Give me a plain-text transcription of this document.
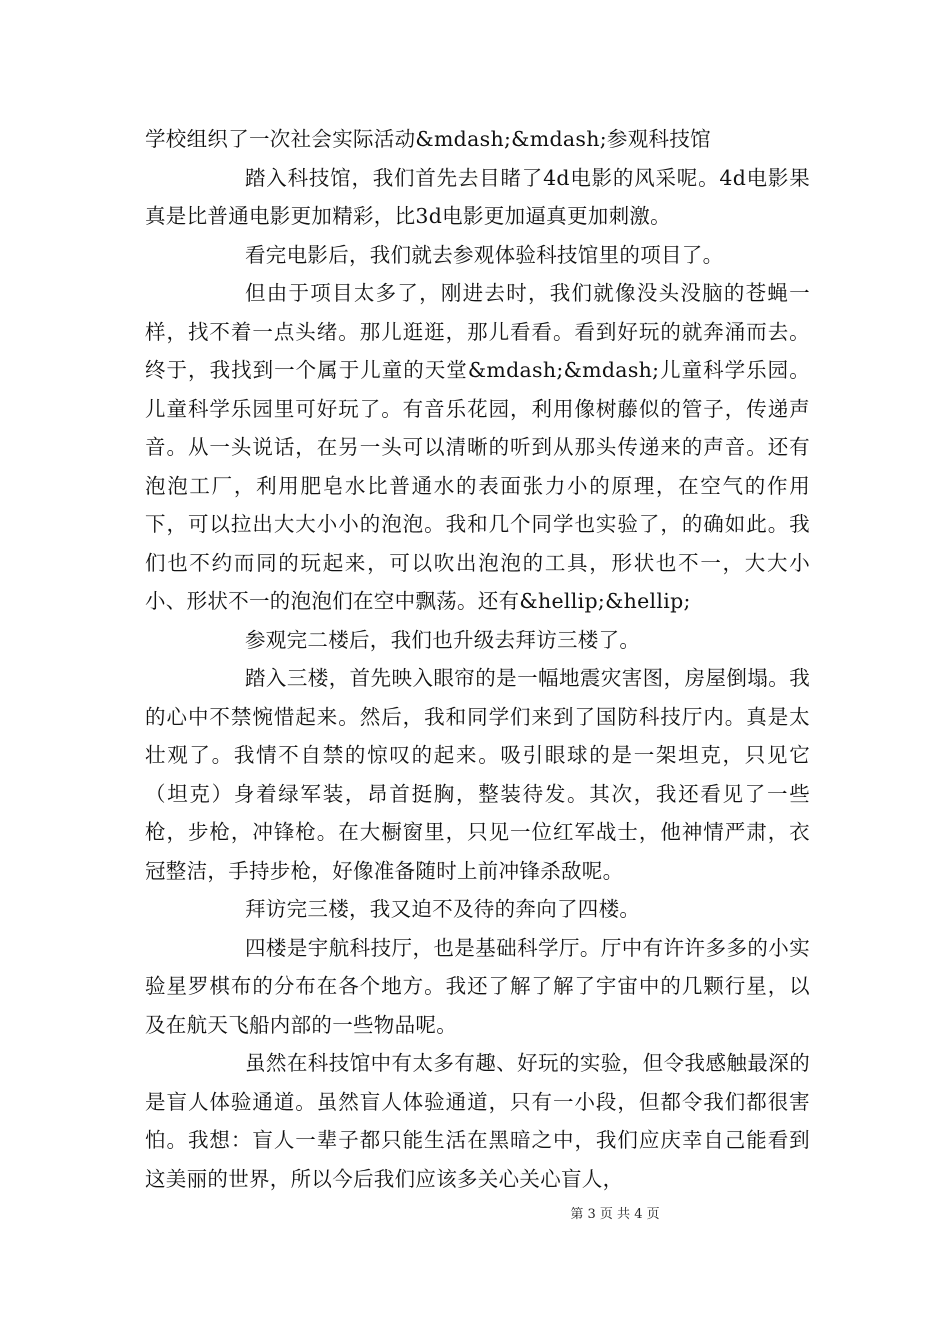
学校组织了一次社会实际活动&mdash;&mdash;参观科技馆

踏入科技馆，我们首先去目睹了4d电影的风采呢。4d电影果真是比普通电影更加精彩，比3d电影更加逼真更加刺激。

看完电影后，我们就去参观体验科技馆里的项目了。

但由于项目太多了，刚进去时，我们就像没头没脑的苍蝇一样，找不着一点头绪。那儿逛逛，那儿看看。看到好玩的就奔涌而去。终于，我找到一个属于儿童的天堂&mdash;&mdash;儿童科学乐园。儿童科学乐园里可好玩了。有音乐花园，利用像树藤似的管子，传递声音。从一头说话，在另一头可以清晰的听到从那头传递来的声音。还有泡泡工厂，利用肥皂水比普通水的表面张力小的原理，在空气的作用下，可以拉出大大小小的泡泡。我和几个同学也实验了，的确如此。我们也不约而同的玩起来，可以吹出泡泡的工具，形状也不一，大大小小、形状不一的泡泡们在空中飘荡。还有&hellip;&hellip;

参观完二楼后，我们也升级去拜访三楼了。

踏入三楼，首先映入眼帘的是一幅地震灾害图，房屋倒塌。我的心中不禁惋惜起来。然后，我和同学们来到了国防科技厅内。真是太壮观了。我情不自禁的惊叹的起来。吸引眼球的是一架坦克，只见它（坦克）身着绿军装，昂首挺胸，整装待发。其次，我还看见了一些枪，步枪，冲锋枪。在大橱窗里，只见一位红军战士，他神情严肃，衣冠整洁，手持步枪，好像准备随时上前冲锋杀敌呢。

拜访完三楼，我又迫不及待的奔向了四楼。

四楼是宇航科技厅，也是基础科学厅。厅中有许许多多的小实验星罗棋布的分布在各个地方。我还了解了解了宇宙中的几颗行星，以及在航天飞船内部的一些物品呢。

虽然在科技馆中有太多有趣、好玩的实验，但令我感触最深的是盲人体验通道。虽然盲人体验通道，只有一小段，但都令我们都很害怕。我想：盲人一辈子都只能生活在黑暗之中，我们应庆幸自己能看到这美丽的世界，所以今后我们应该多关心关心盲人，

第 3 页 共 4 页
